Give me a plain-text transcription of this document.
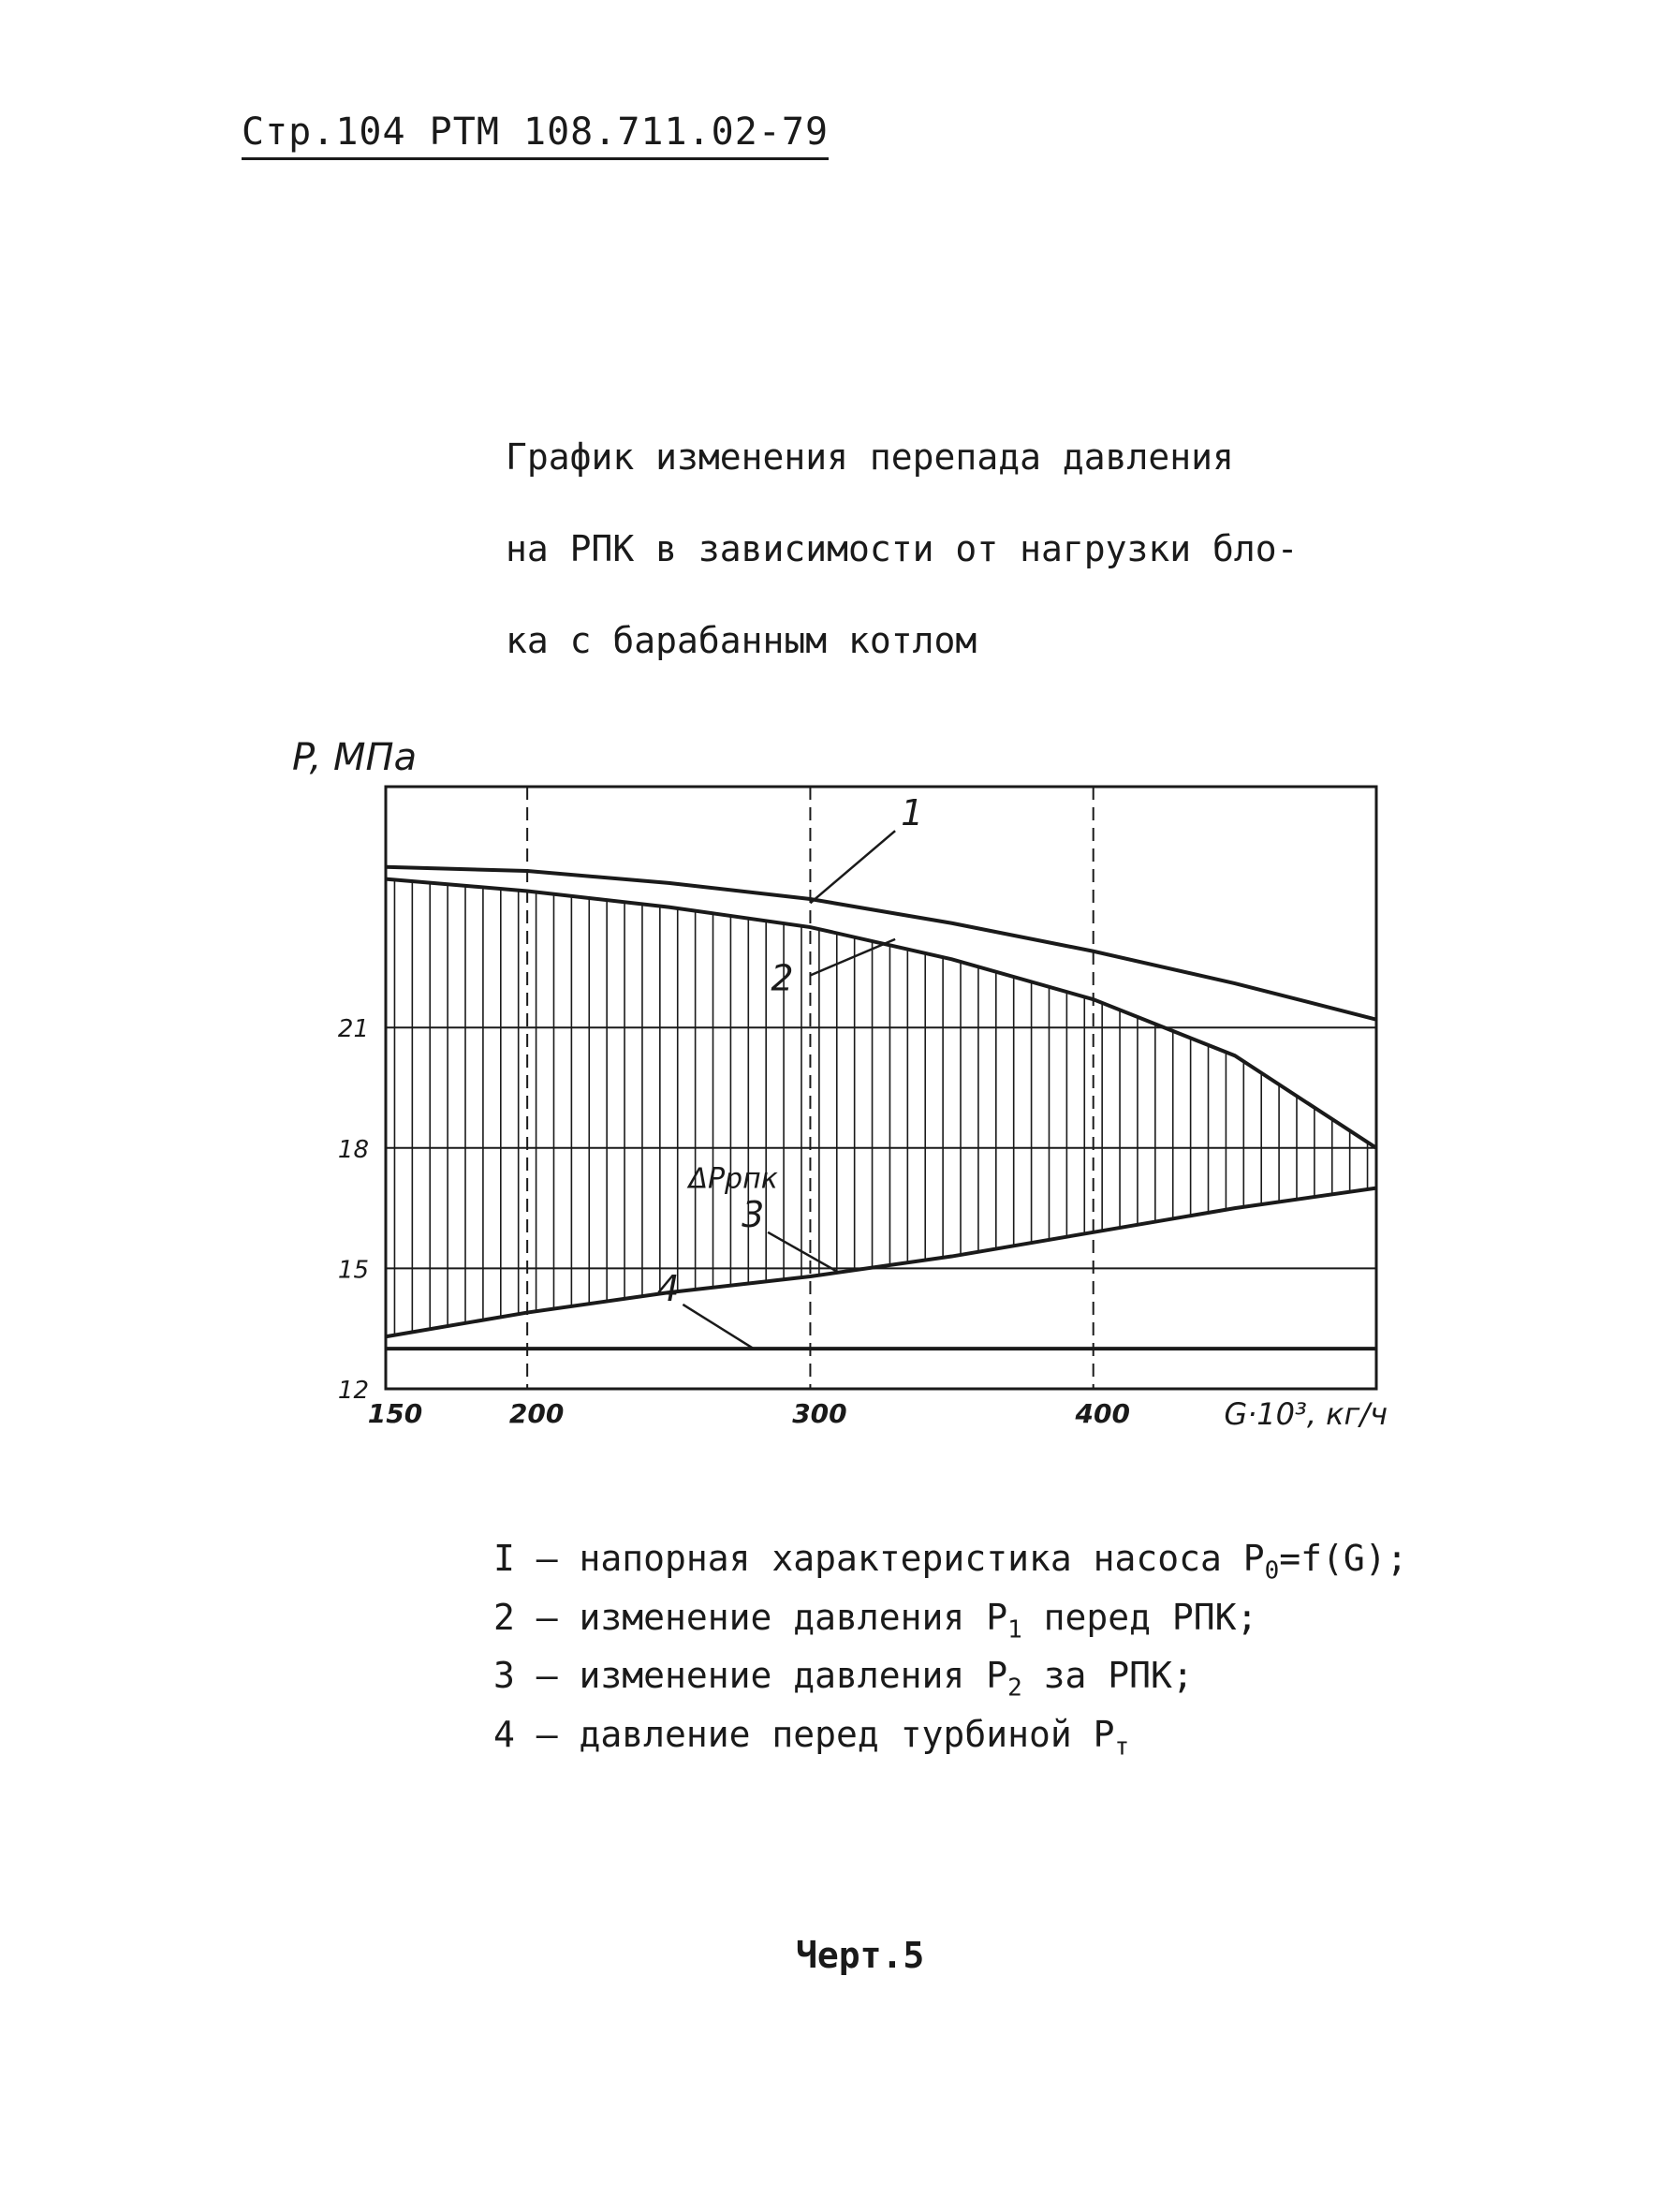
Стр.104 РТМ 108.711.02-79

График изменения перепада давления

на РПК в зависимости от нагрузки бло-

ка с барабанным котлом

1
2
3
4
ΔPрпк
12
15
18
21
150	200	300	400
P, МПа
G·10³, кг/ч
I – напорная характеристика насоса $P_0=f(G)$;
2 – изменение давления $P_1$ перед РПК;
3 – изменение давления $P_2$ за РПК;
4 – давление перед турбиной $P_т$
Черт.5
